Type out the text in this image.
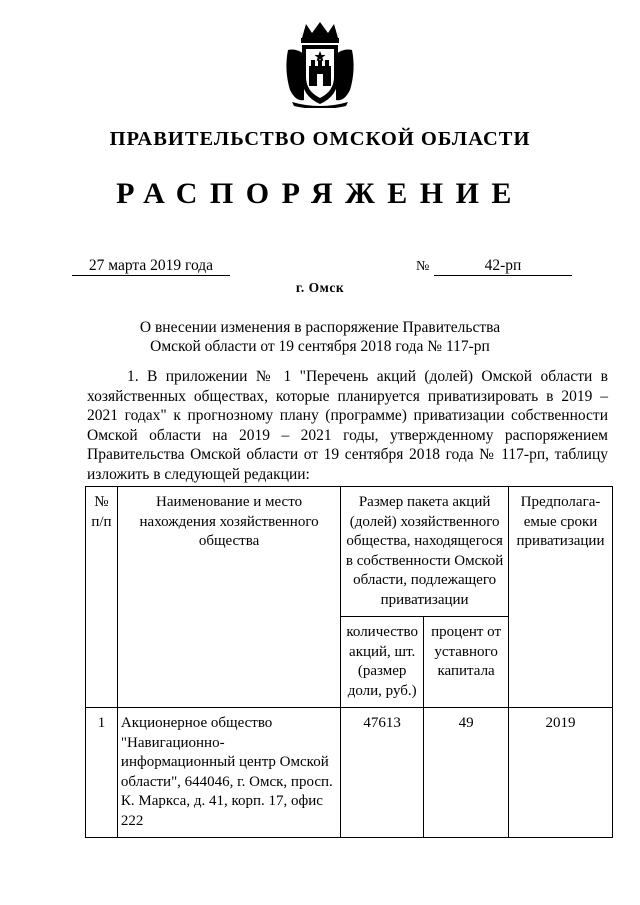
ПРАВИТЕЛЬСТВО ОМСКОЙ ОБЛАСТИ
РАСПОРЯЖЕНИЕ
27 марта 2019 года	№	42-рп
г. Омск
О внесении изменения в распоряжение Правительства
Омской области от 19 сентября 2018 года № 117-рп
1. В приложении № 1 "Перечень акций (долей) Омской области в хозяйственных обществах, которые планируется приватизировать в 2019 – 2021 годах" к прогнозному плану (программе) приватизации собственности Омской области на 2019 – 2021 годы, утвержденному распоряжением Правительства Омской области от 19 сентября 2018 года № 117-рп, таблицу изложить в следующей редакции:
№ п/п	Наименование и место нахождения хозяйственного общества	Размер пакета акций (долей) хозяйственного общества, находящегося в собственности Омской области, подлежащего приватизации		Предполага-емые сроки приватизации
		количество акций, шт. (размер доли, руб.)	процент от уставного капитала	
1	Акционерное общество "Навигационно-информационный центр Омской области", 644046, г. Омск, просп. К. Маркса, д. 41, корп. 17, офис 222	47613	49	2019
